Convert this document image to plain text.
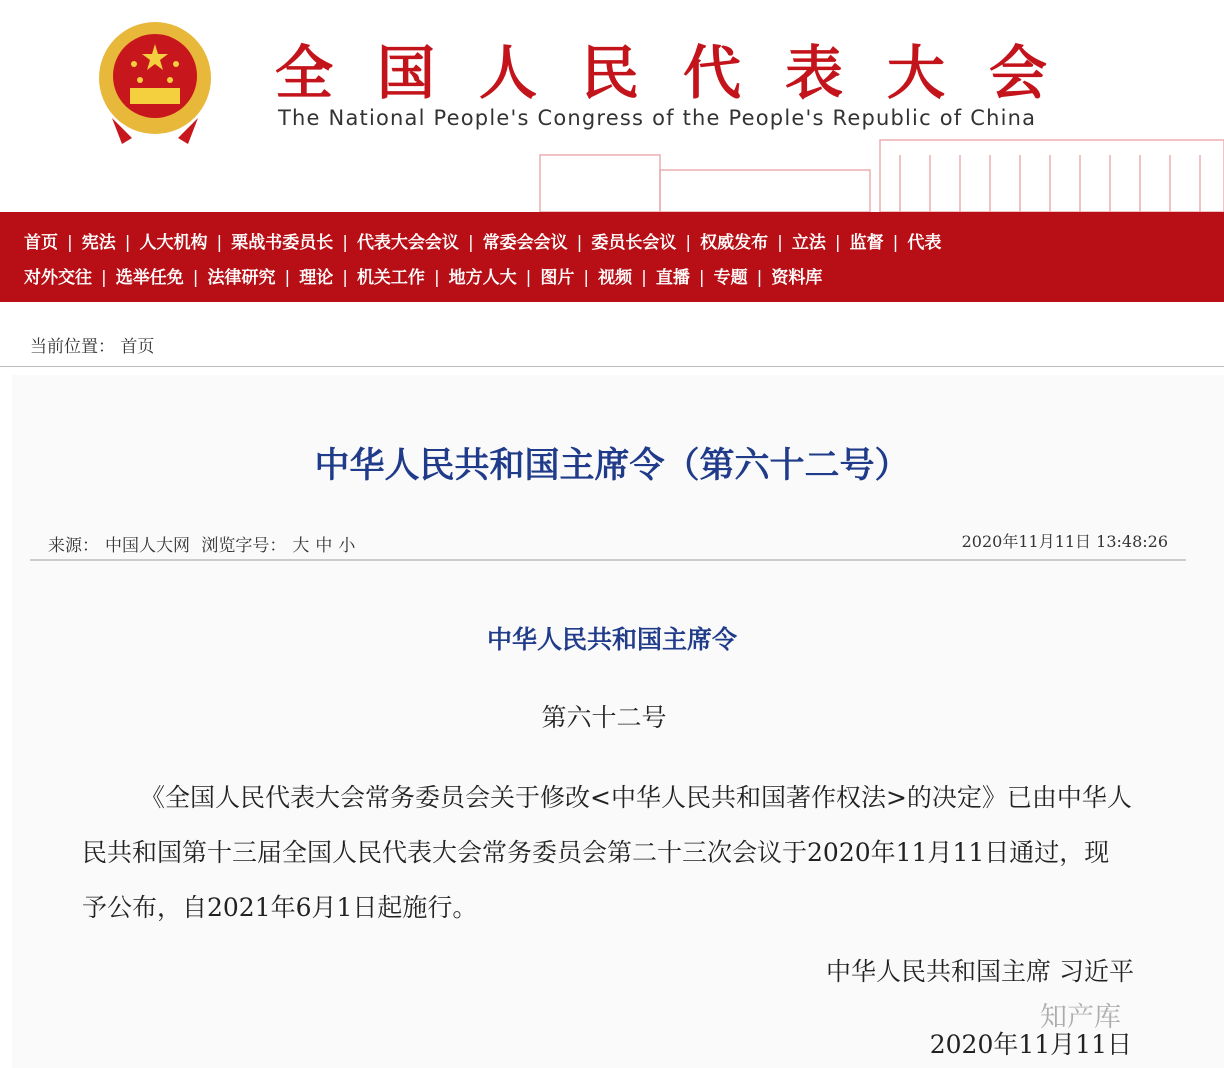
全国人民代表大会
The National People's Congress of the People's Republic of China
首页 | 宪法 | 人大机构 | 栗战书委员长 | 代表大会会议 | 常委会会议 | 委员长会议 | 权威发布 | 立法 | 监督 | 代表
对外交往 | 选举任免 | 法律研究 | 理论 | 机关工作 | 地方人大 | 图片 | 视频 | 直播 | 专题 | 资料库
当前位置： 首页
中华人民共和国主席令（第六十二号）
来源： 中国人大网 浏览字号： 大 中 小	2020年11月11日 13:48:26
中华人民共和国主席令
第六十二号
《全国人民代表大会常务委员会关于修改<中华人民共和国著作权法>的决定》已由中华人民共和国第十三届全国人民代表大会常务委员会第二十三次会议于2020年11月11日通过，现予公布，自2021年6月1日起施行。
中华人民共和国主席 习近平
2020年11月11日
知产库
